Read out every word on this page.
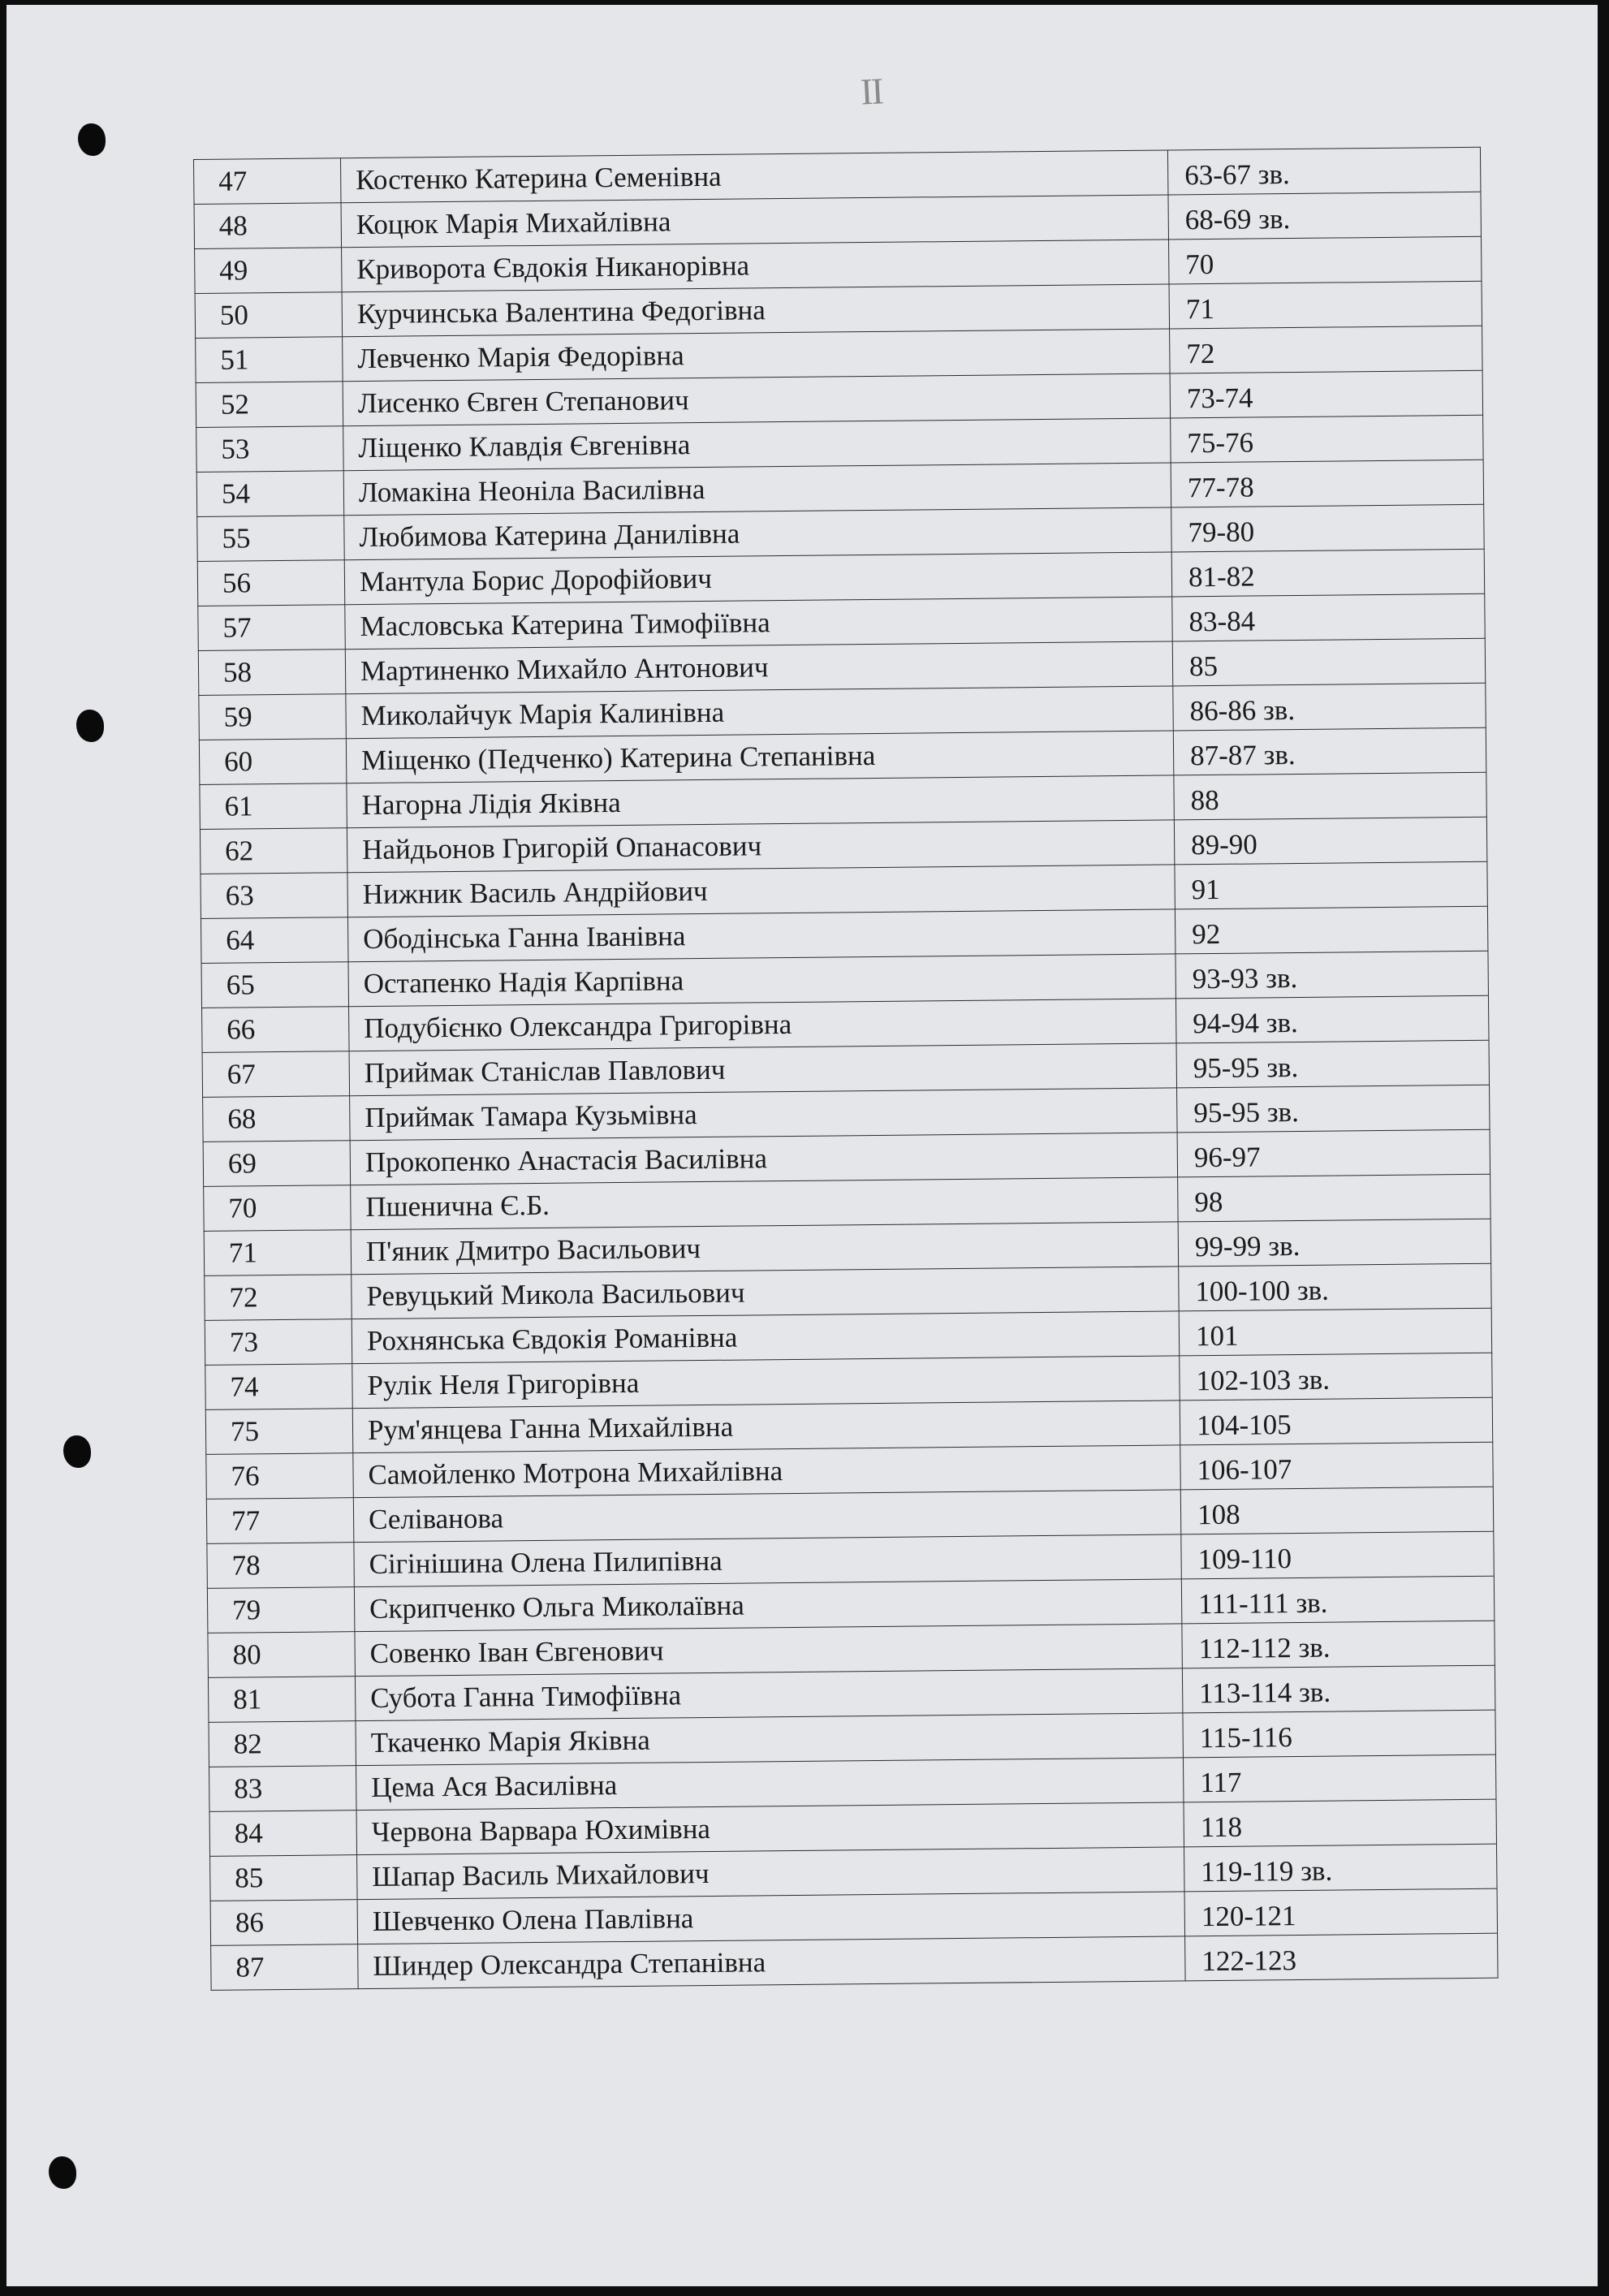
II
47	Костенко Катерина Семенівна	63-67 зв.
48	Коцюк Марія Михайлівна	68-69 зв.
49	Криворота Євдокія Никанорівна	70
50	Курчинська Валентина Федогівна	71
51	Левченко Марія Федорівна	72
52	Лисенко Євген Степанович	73-74
53	Ліщенко Клавдія Євгенівна	75-76
54	Ломакіна Неоніла Василівна	77-78
55	Любимова Катерина Данилівна	79-80
56	Мантула Борис Дорофійович	81-82
57	Масловська Катерина Тимофіївна	83-84
58	Мартиненко Михайло Антонович	85
59	Миколайчук Марія Калинівна	86-86 зв.
60	Міщенко (Педченко) Катерина Степанівна	87-87 зв.
61	Нагорна Лідія Яківна	88
62	Найдьонов Григорій Опанасович	89-90
63	Нижник Василь Андрійович	91
64	Ободінська Ганна Іванівна	92
65	Остапенко Надія Карпівна	93-93 зв.
66	Подубієнко Олександра Григорівна	94-94 зв.
67	Приймак Станіслав Павлович	95-95 зв.
68	Приймак Тамара Кузьмівна	95-95 зв.
69	Прокопенко Анастасія Василівна	96-97
70	Пшенична Є.Б.	98
71	П'яник Дмитро Васильович	99-99 зв.
72	Ревуцький Микола Васильович	100-100 зв.
73	Рохнянська Євдокія Романівна	101
74	Рулік Неля Григорівна	102-103 зв.
75	Рум'янцева Ганна Михайлівна	104-105
76	Самойленко Мотрона Михайлівна	106-107
77	Селіванова	108
78	Сігінішина Олена Пилипівна	109-110
79	Скрипченко Ольга Миколаївна	111-111 зв.
80	Совенко Іван Євгенович	112-112 зв.
81	Субота Ганна Тимофіївна	113-114 зв.
82	Ткаченко Марія Яківна	115-116
83	Цема Ася Василівна	117
84	Червона Варвара Юхимівна	118
85	Шапар Василь Михайлович	119-119 зв.
86	Шевченко Олена Павлівна	120-121
87	Шиндер Олександра Степанівна	122-123
